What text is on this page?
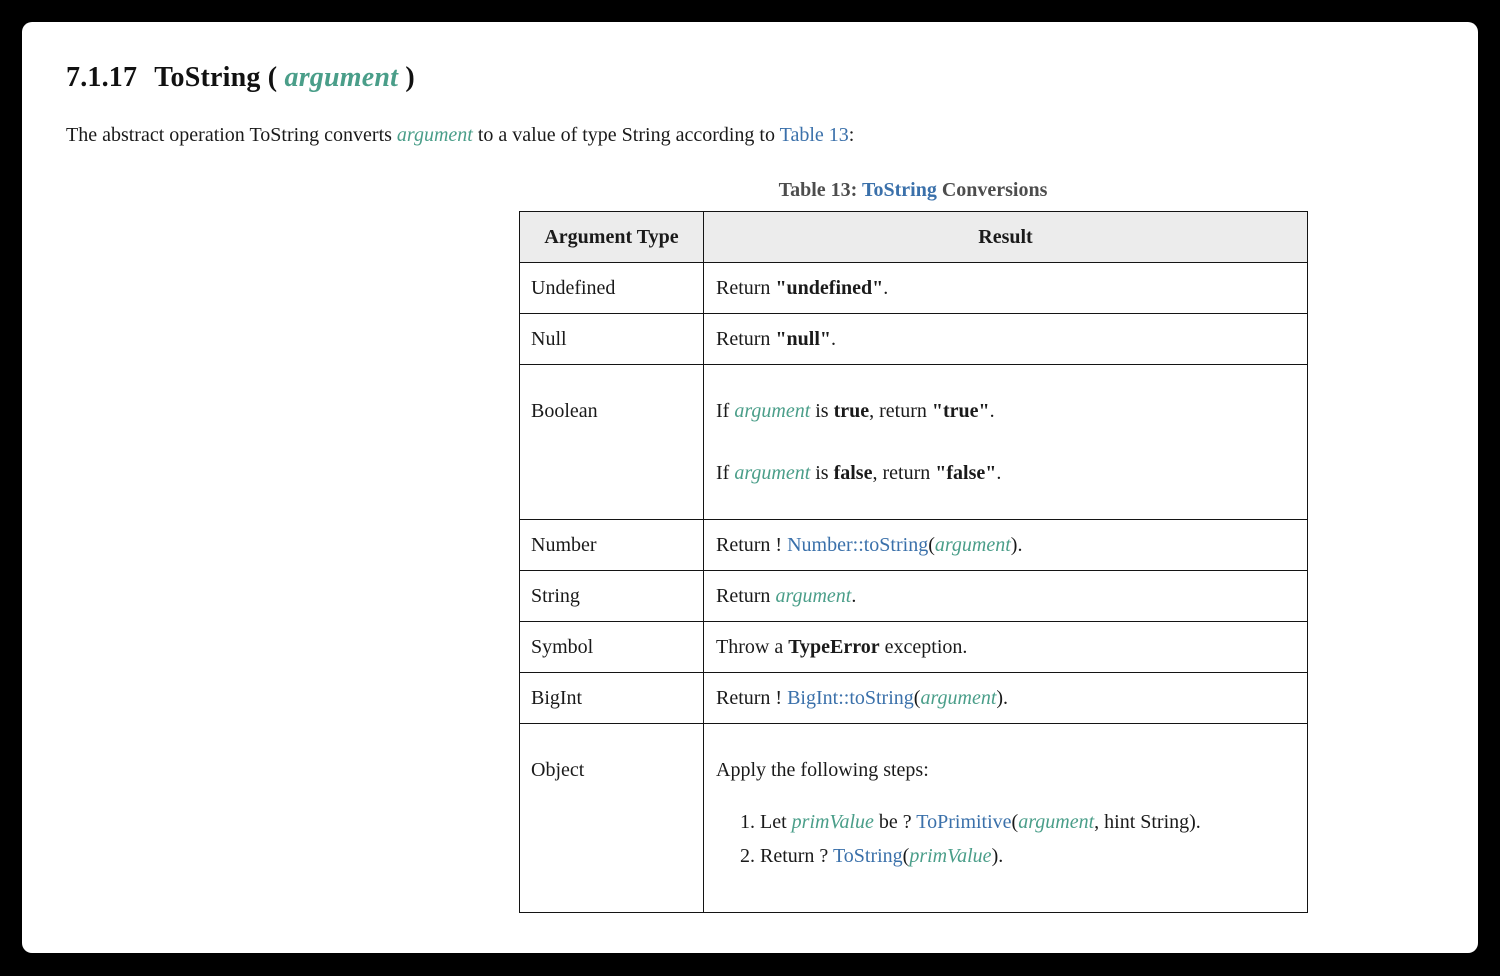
7.1.17 ToString ( argument )

The abstract operation ToString converts argument to a value of type String according to Table 13:

Table 13: ToString Conversions
Argument Type	Result
Undefined	Return "undefined".

Null	Return "null".

Boolean	If argument is true, return "true".

If argument is false, return "false".

Number	Return ! Number::toString(argument).

String	Return argument.

Symbol	Throw a TypeError exception.

BigInt	Return ! BigInt::toString(argument).

Object	Apply the following steps:

1. Let primValue be ? ToPrimitive(argument, hint String).
2. Return ? ToString(primValue).
